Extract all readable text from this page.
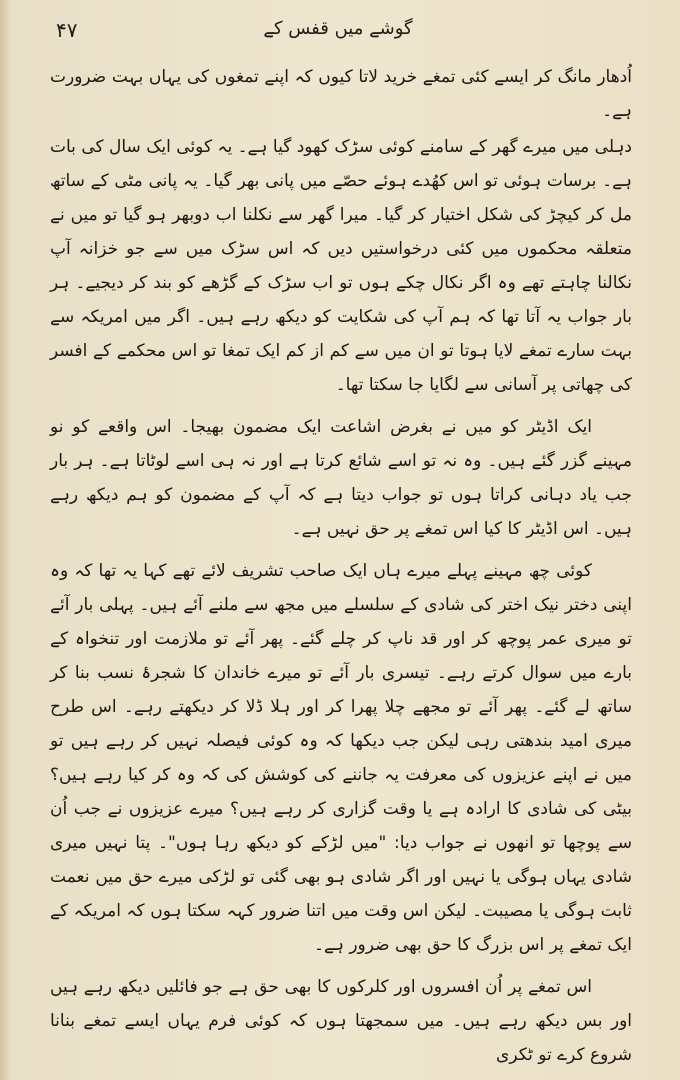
۴۷	گوشے میں قفس کے

اُدھار مانگ کر ایسے کئی تمغے خرید لاتا کیوں کہ اپنے تمغوں کی یہاں بہت ضرورت ہے۔

دہلی میں میرے گھر کے سامنے کوئی سڑک کھود گیا ہے۔ یہ کوئی ایک سال کی بات ہے۔ برسات ہوئی تو اس کھُدے ہوئے حصّے میں پانی بھر گیا۔ یہ پانی مٹی کے ساتھ مل کر کیچڑ کی شکل اختیار کر گیا۔ میرا گھر سے نکلنا اب دوبھر ہو گیا تو میں نے متعلقہ محکموں میں کئی درخواستیں دیں کہ اس سڑک میں سے جو خزانہ آپ نکالنا چاہتے تھے وہ اگر نکال چکے ہوں تو اب سڑک کے گڑھے کو بند کر دیجیے۔ ہر بار جواب یہ آتا تھا کہ ہم آپ کی شکایت کو دیکھ رہے ہیں۔ اگر میں امریکہ سے بہت سارے تمغے لایا ہوتا تو ان میں سے کم از کم ایک تمغا تو اس محکمے کے افسر کی چھاتی پر آسانی سے لگایا جا سکتا تھا۔

ایک اڈیٹر کو میں نے بغرض اشاعت ایک مضمون بھیجا۔ اس واقعے کو نو مہینے گزر گئے ہیں۔ وہ نہ تو اسے شائع کرتا ہے اور نہ ہی اسے لوٹاتا ہے۔ ہر بار جب یاد دہانی کراتا ہوں تو جواب دیتا ہے کہ آپ کے مضمون کو ہم دیکھ رہے ہیں۔ اس اڈیٹر کا کیا اس تمغے پر حق نہیں ہے۔

کوئی چھ مہینے پہلے میرے ہاں ایک صاحب تشریف لائے تھے کہا یہ تھا کہ وہ اپنی دختر نیک اختر کی شادی کے سلسلے میں مجھ سے ملنے آئے ہیں۔ پہلی بار آئے تو میری عمر پوچھ کر اور قد ناپ کر چلے گئے۔ پھر آئے تو ملازمت اور تنخواہ کے بارے میں سوال کرتے رہے۔ تیسری بار آئے تو میرے خاندان کا شجرۂ نسب بنا کر ساتھ لے گئے۔ پھر آئے تو مجھے چلا پھرا کر اور ہلا ڈلا کر دیکھتے رہے۔ اس طرح میری امید بندھتی رہی لیکن جب دیکھا کہ وہ کوئی فیصلہ نہیں کر رہے ہیں تو میں نے اپنے عزیزوں کی معرفت یہ جاننے کی کوشش کی کہ وہ کر کیا رہے ہیں؟ بیٹی کی شادی کا ارادہ ہے یا وقت گزاری کر رہے ہیں؟ میرے عزیزوں نے جب اُن سے پوچھا تو انھوں نے جواب دیا: "میں لڑکے کو دیکھ رہا ہوں"۔ پتا نہیں میری شادی یہاں ہوگی یا نہیں اور اگر شادی ہو بھی گئی تو لڑکی میرے حق میں نعمت ثابت ہوگی یا مصیبت۔ لیکن اس وقت میں اتنا ضرور کہہ سکتا ہوں کہ امریکہ کے ایک تمغے پر اس بزرگ کا حق بھی ضرور ہے۔

اس تمغے پر اُن افسروں اور کلرکوں کا بھی حق ہے جو فائلیں دیکھ رہے ہیں اور بس دیکھ رہے ہیں۔ میں سمجھتا ہوں کہ کوئی فرم یہاں ایسے تمغے بنانا شروع کرے تو ٹکری
